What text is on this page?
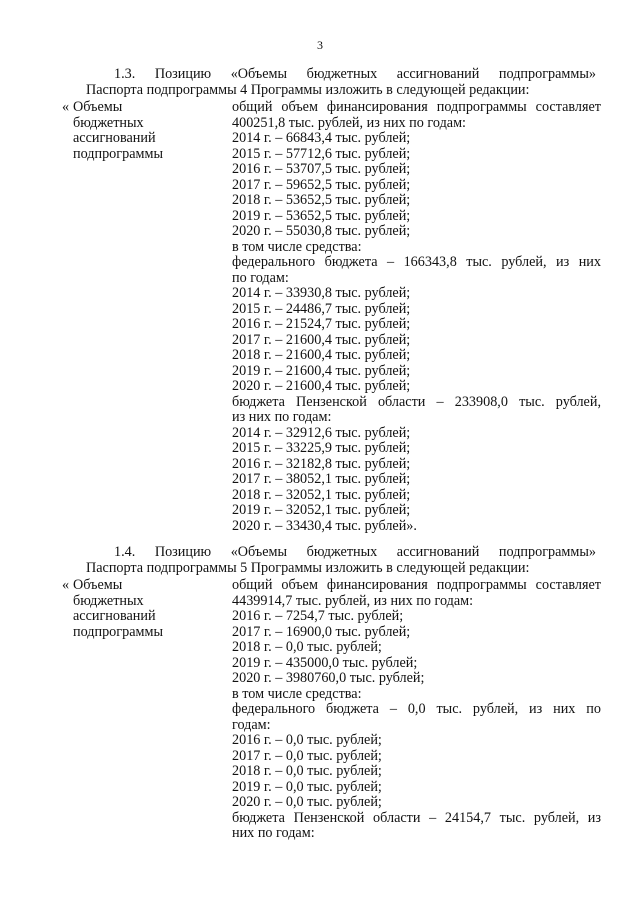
3
1.3. Позицию «Объемы бюджетных ассигнований подпрограммы»
Паспорта подпрограммы 4 Программы изложить в следующей редакции:
« Объемы
бюджетных
ассигнований
подпрограммы
общий объем финансирования подпрограммы составляет
400251,8 тыс. рублей, из них по годам:
2014 г. – 66843,4 тыс. рублей;
2015 г. – 57712,6 тыс. рублей;
2016 г. – 53707,5 тыс. рублей;
2017 г. – 59652,5 тыс. рублей;
2018 г. – 53652,5 тыс. рублей;
2019 г. – 53652,5 тыс. рублей;
2020 г. – 55030,8 тыс. рублей;
в том числе средства:
федерального бюджета – 166343,8 тыс. рублей, из них
по годам:
2014 г. – 33930,8 тыс. рублей;
2015 г. – 24486,7 тыс. рублей;
2016 г. – 21524,7 тыс. рублей;
2017 г. – 21600,4 тыс. рублей;
2018 г. – 21600,4 тыс. рублей;
2019 г. – 21600,4 тыс. рублей;
2020 г. – 21600,4 тыс. рублей;
бюджета Пензенской области – 233908,0 тыс. рублей,
из них по годам:
2014 г. – 32912,6 тыс. рублей;
2015 г. – 33225,9 тыс. рублей;
2016 г. – 32182,8 тыс. рублей;
2017 г. – 38052,1 тыс. рублей;
2018 г. – 32052,1 тыс. рублей;
2019 г. – 32052,1 тыс. рублей;
2020 г. – 33430,4 тыс. рублей».
1.4. Позицию «Объемы бюджетных ассигнований подпрограммы»
Паспорта подпрограммы 5 Программы изложить в следующей редакции:
« Объемы
бюджетных
ассигнований
подпрограммы
общий объем финансирования подпрограммы составляет
4439914,7 тыс. рублей, из них по годам:
2016 г. – 7254,7 тыс. рублей;
2017 г. – 16900,0 тыс. рублей;
2018 г. – 0,0 тыс. рублей;
2019 г. – 435000,0 тыс. рублей;
2020 г. – 3980760,0 тыс. рублей;
в том числе средства:
федерального бюджета – 0,0 тыс. рублей, из них по
годам:
2016 г. – 0,0 тыс. рублей;
2017 г. – 0,0 тыс. рублей;
2018 г. – 0,0 тыс. рублей;
2019 г. – 0,0 тыс. рублей;
2020 г. – 0,0 тыс. рублей;
бюджета Пензенской области – 24154,7 тыс. рублей, из
них по годам:
